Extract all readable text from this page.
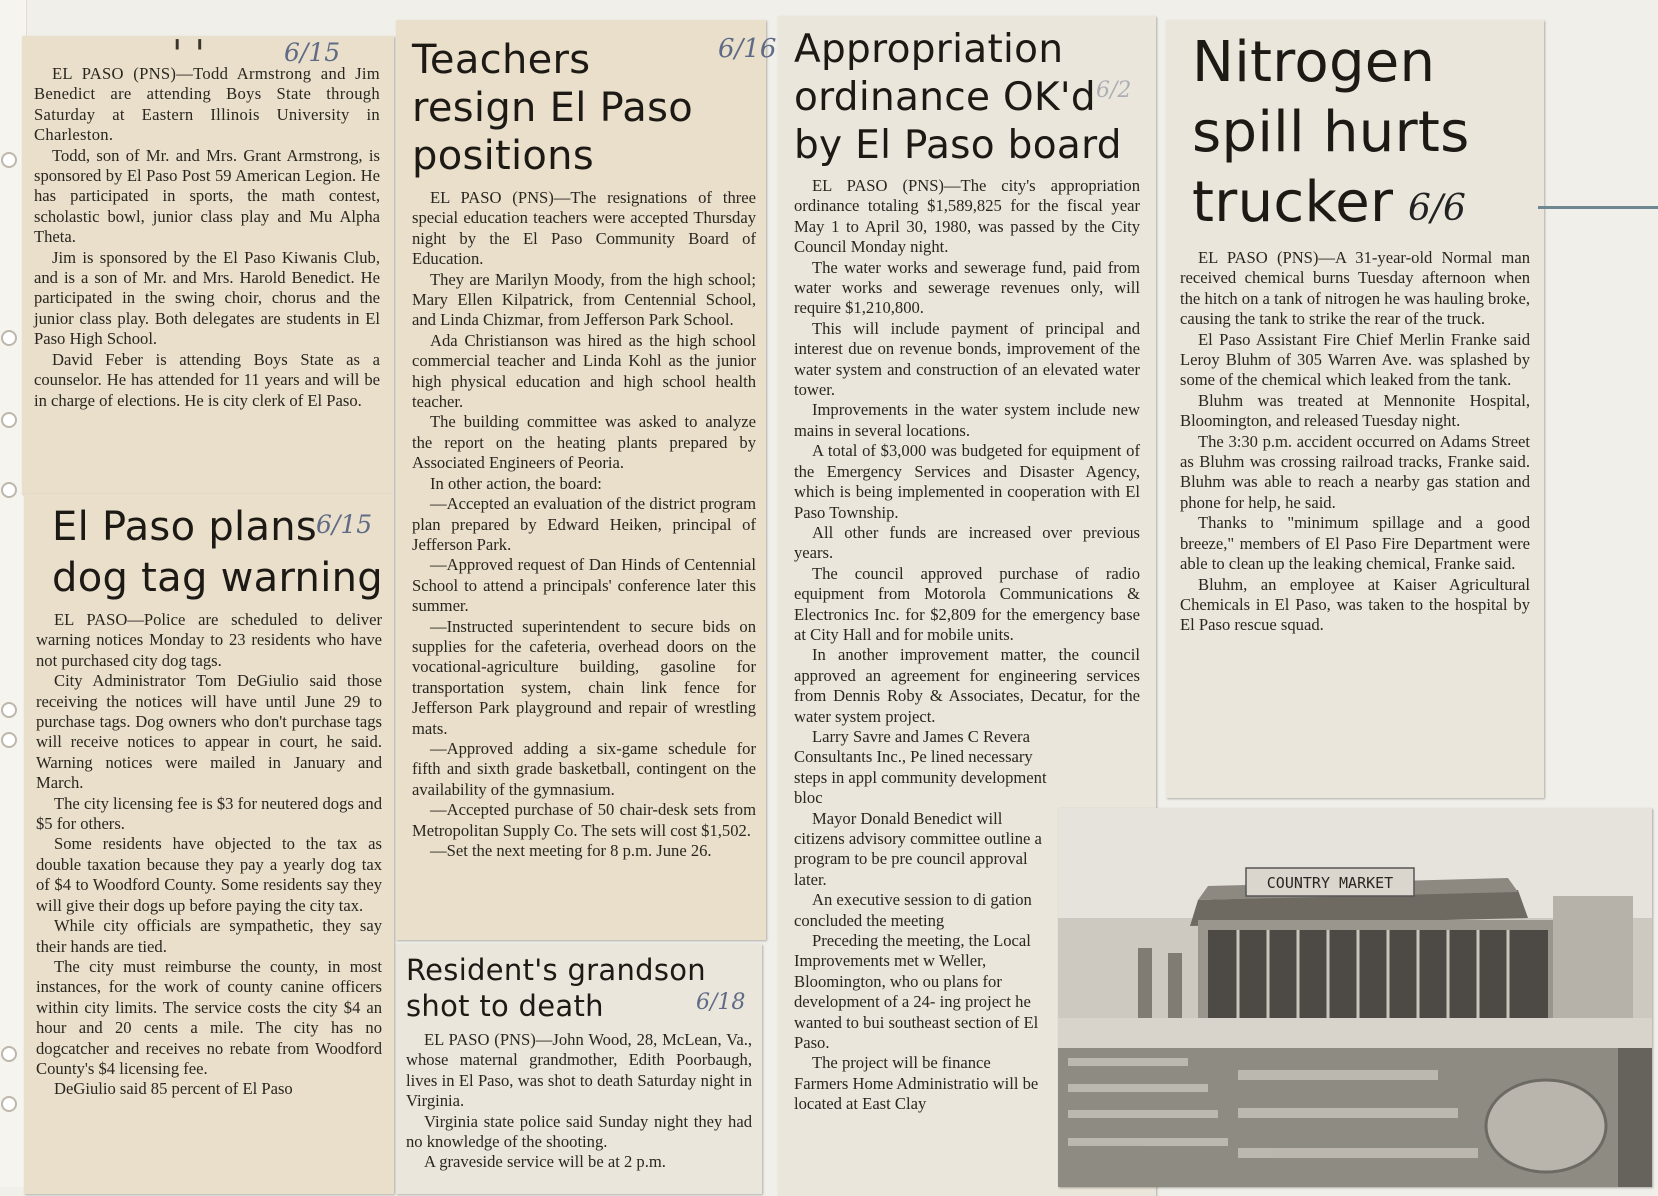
' '	6/15

EL PASO (PNS)—Todd Armstrong and Jim Benedict are attending Boys State through Saturday at Eastern Illinois University in Charleston.

Todd, son of Mr. and Mrs. Grant Armstrong, is sponsored by El Paso Post 59 American Legion. He has participated in sports, the math contest, scholastic bowl, junior class play and Mu Alpha Theta.

Jim is sponsored by the El Paso Kiwanis Club, and is a son of Mr. and Mrs. Harold Benedict. He participated in the swing choir, chorus and the junior class play. Both delegates are students in El Paso High School.

David Feber is attending Boys State as a counselor. He has attended for 11 years and will be in charge of elections. He is city clerk of El Paso.

El Paso plans dog tag warning
6/15

EL PASO—Police are scheduled to deliver warning notices Monday to 23 residents who have not purchased city dog tags.

City Administrator Tom DeGiulio said those receiving the notices will have until June 29 to purchase tags. Dog owners who don't purchase tags will receive notices to appear in court, he said. Warning notices were mailed in January and March.

The city licensing fee is $3 for neutered dogs and $5 for others.

Some residents have objected to the tax as double taxation because they pay a yearly dog tax of $4 to Woodford County. Some residents say they will give their dogs up before paying the city tax.

While city officials are sympathetic, they say their hands are tied.

The city must reimburse the county, in most instances, for the work of county canine officers within city limits. The service costs the city $4 an hour and 20 cents a mile. The city has no dogcatcher and receives no rebate from Woodford County's $4 licensing fee.

DeGiulio said 85 percent of El Paso

Teachers resign El Paso positions
6/16

EL PASO (PNS)—The resignations of three special education teachers were accepted Thursday night by the El Paso Community Board of Education.

They are Marilyn Moody, from the high school; Mary Ellen Kilpatrick, from Centennial School, and Linda Chizmar, from Jefferson Park School.

Ada Christianson was hired as the high school commercial teacher and Linda Kohl as the junior high physical education and high school health teacher.

The building committee was asked to analyze the report on the heating plants prepared by Associated Engineers of Peoria.

In other action, the board:

—Accepted an evaluation of the district program plan prepared by Edward Heiken, principal of Jefferson Park.

—Approved request of Dan Hinds of Centennial School to attend a principals' conference later this summer.

—Instructed superintendent to secure bids on supplies for the cafeteria, overhead doors on the vocational-agriculture building, gasoline for transportation system, chain link fence for Jefferson Park playground and repair of wrestling mats.

—Approved adding a six-game schedule for fifth and sixth grade basketball, contingent on the availability of the gymnasium.

—Accepted purchase of 50 chair-desk sets from Metropolitan Supply Co. The sets will cost $1,502.

—Set the next meeting for 8 p.m. June 26.

Resident's grandson shot to death	6/18

EL PASO (PNS)—John Wood, 28, McLean, Va., whose maternal grandmother, Edith Poorbaugh, lives in El Paso, was shot to death Saturday night in Virginia.

Virginia state police said Sunday night they had no knowledge of the shooting.

A graveside service will be at 2 p.m.

Appropriation ordinance OK'd by El Paso board
6/2

EL PASO (PNS)—The city's appropriation ordinance totaling $1,589,825 for the fiscal year May 1 to April 30, 1980, was passed by the City Council Monday night.

The water works and sewerage fund, paid from water works and sewerage revenues only, will require $1,210,800.

This will include payment of principal and interest due on revenue bonds, improvement of the water system and construction of an elevated water tower.

Improvements in the water system include new mains in several locations.

A total of $3,000 was budgeted for equipment of the Emergency Services and Disaster Agency, which is being implemented in cooperation with El Paso Township.

All other funds are increased over previous years.

The council approved purchase of radio equipment from Motorola Communications & Electronics Inc. for $2,809 for the emergency base at City Hall and for mobile units.

In another improvement matter, the council approved an agreement for engineering services from Dennis Roby & Associates, Decatur, for the water system project.

Larry Savre and James C Revera Consultants Inc., Pe lined necessary steps in appl community development bloc

Mayor Donald Benedict will citizens advisory committee outline a program to be pre council approval later.

An executive session to di gation concluded the meeting

Preceding the meeting, the Local Improvements met w Weller, Bloomington, who ou plans for development of a 24- ing project he wanted to bui southeast section of El Paso.

The project will be finance Farmers Home Administratio will be located at East Clay

Nitrogen spill hurts trucker 6/6

EL PASO (PNS)—A 31-year-old Normal man received chemical burns Tuesday afternoon when the hitch on a tank of nitrogen he was hauling broke, causing the tank to strike the rear of the truck.

El Paso Assistant Fire Chief Merlin Franke said Leroy Bluhm of 305 Warren Ave. was splashed by some of the chemical which leaked from the tank.

Bluhm was treated at Mennonite Hospital, Bloomington, and released Tuesday night.

The 3:30 p.m. accident occurred on Adams Street as Bluhm was crossing railroad tracks, Franke said. Bluhm was able to reach a nearby gas station and phone for help, he said.

Thanks to "minimum spillage and a good breeze," members of El Paso Fire Department were able to clean up the leaking chemical, Franke said.

Bluhm, an employee at Kaiser Agricultural Chemicals in El Paso, was taken to the hospital by El Paso rescue squad.

COUNTRY MARKET
